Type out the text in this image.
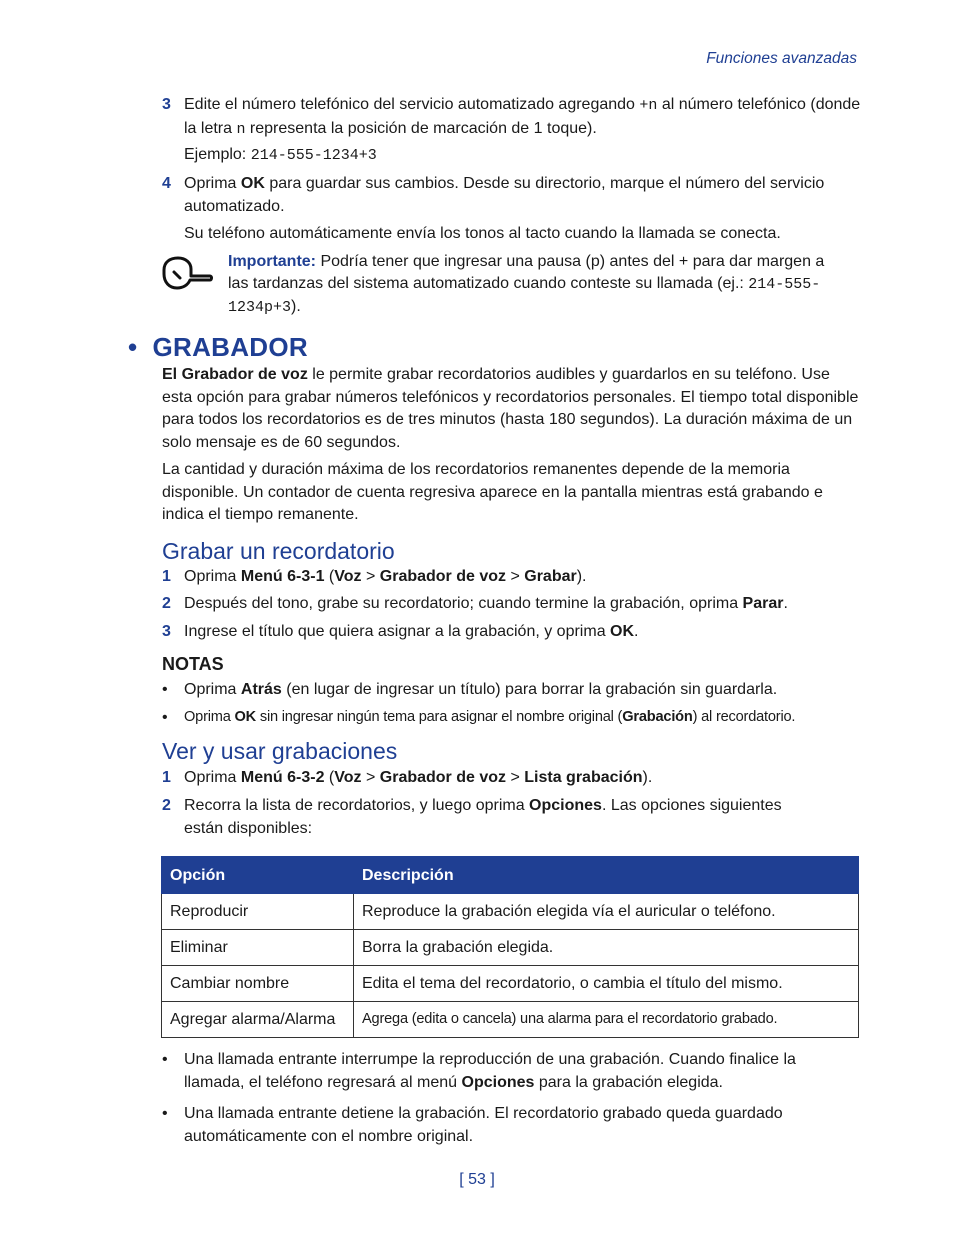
Funciones avanzadas
3 Edite el número telefónico del servicio automatizado agregando +n al número telefónico (donde la letra n representa la posición de marcación de 1 toque).
Ejemplo: 214-555-1234+3
4 Oprima OK para guardar sus cambios. Desde su directorio, marque el número del servicio automatizado.
Su teléfono automáticamente envía los tonos al tacto cuando la llamada se conecta.
Importante: Podría tener que ingresar una pausa (p) antes del + para dar margen a las tardanzas del sistema automatizado cuando conteste su llamada (ej.: 214-555-1234p+3).
• GRABADOR
El Grabador de voz le permite grabar recordatorios audibles y guardarlos en su teléfono. Use esta opción para grabar números telefónicos y recordatorios personales. El tiempo total disponible para todos los recordatorios es de tres minutos (hasta 180 segundos). La duración máxima de un solo mensaje es de 60 segundos.
La cantidad y duración máxima de los recordatorios remanentes depende de la memoria disponible. Un contador de cuenta regresiva aparece en la pantalla mientras está grabando e indica el tiempo remanente.
Grabar un recordatorio
1 Oprima Menú 6-3-1 (Voz > Grabador de voz > Grabar).
2 Después del tono, grabe su recordatorio; cuando termine la grabación, oprima Parar.
3 Ingrese el título que quiera asignar a la grabación, y oprima OK.
NOTAS
• Oprima Atrás (en lugar de ingresar un título) para borrar la grabación sin guardarla.
• Oprima OK sin ingresar ningún tema para asignar el nombre original (Grabación) al recordatorio.
Ver y usar grabaciones
1 Oprima Menú 6-3-2 (Voz > Grabador de voz > Lista grabación).
2 Recorra la lista de recordatorios, y luego oprima Opciones. Las opciones siguientes están disponibles:
Opción	Descripción
Reproducir	Reproduce la grabación elegida vía el auricular o teléfono.
Eliminar	Borra la grabación elegida.
Cambiar nombre	Edita el tema del recordatorio, o cambia el título del mismo.
Agregar alarma/Alarma	Agrega (edita o cancela) una alarma para el recordatorio grabado.
• Una llamada entrante interrumpe la reproducción de una grabación. Cuando finalice la llamada, el teléfono regresará al menú Opciones para la grabación elegida.
• Una llamada entrante detiene la grabación. El recordatorio grabado queda guardado automáticamente con el nombre original.
[ 53 ]
